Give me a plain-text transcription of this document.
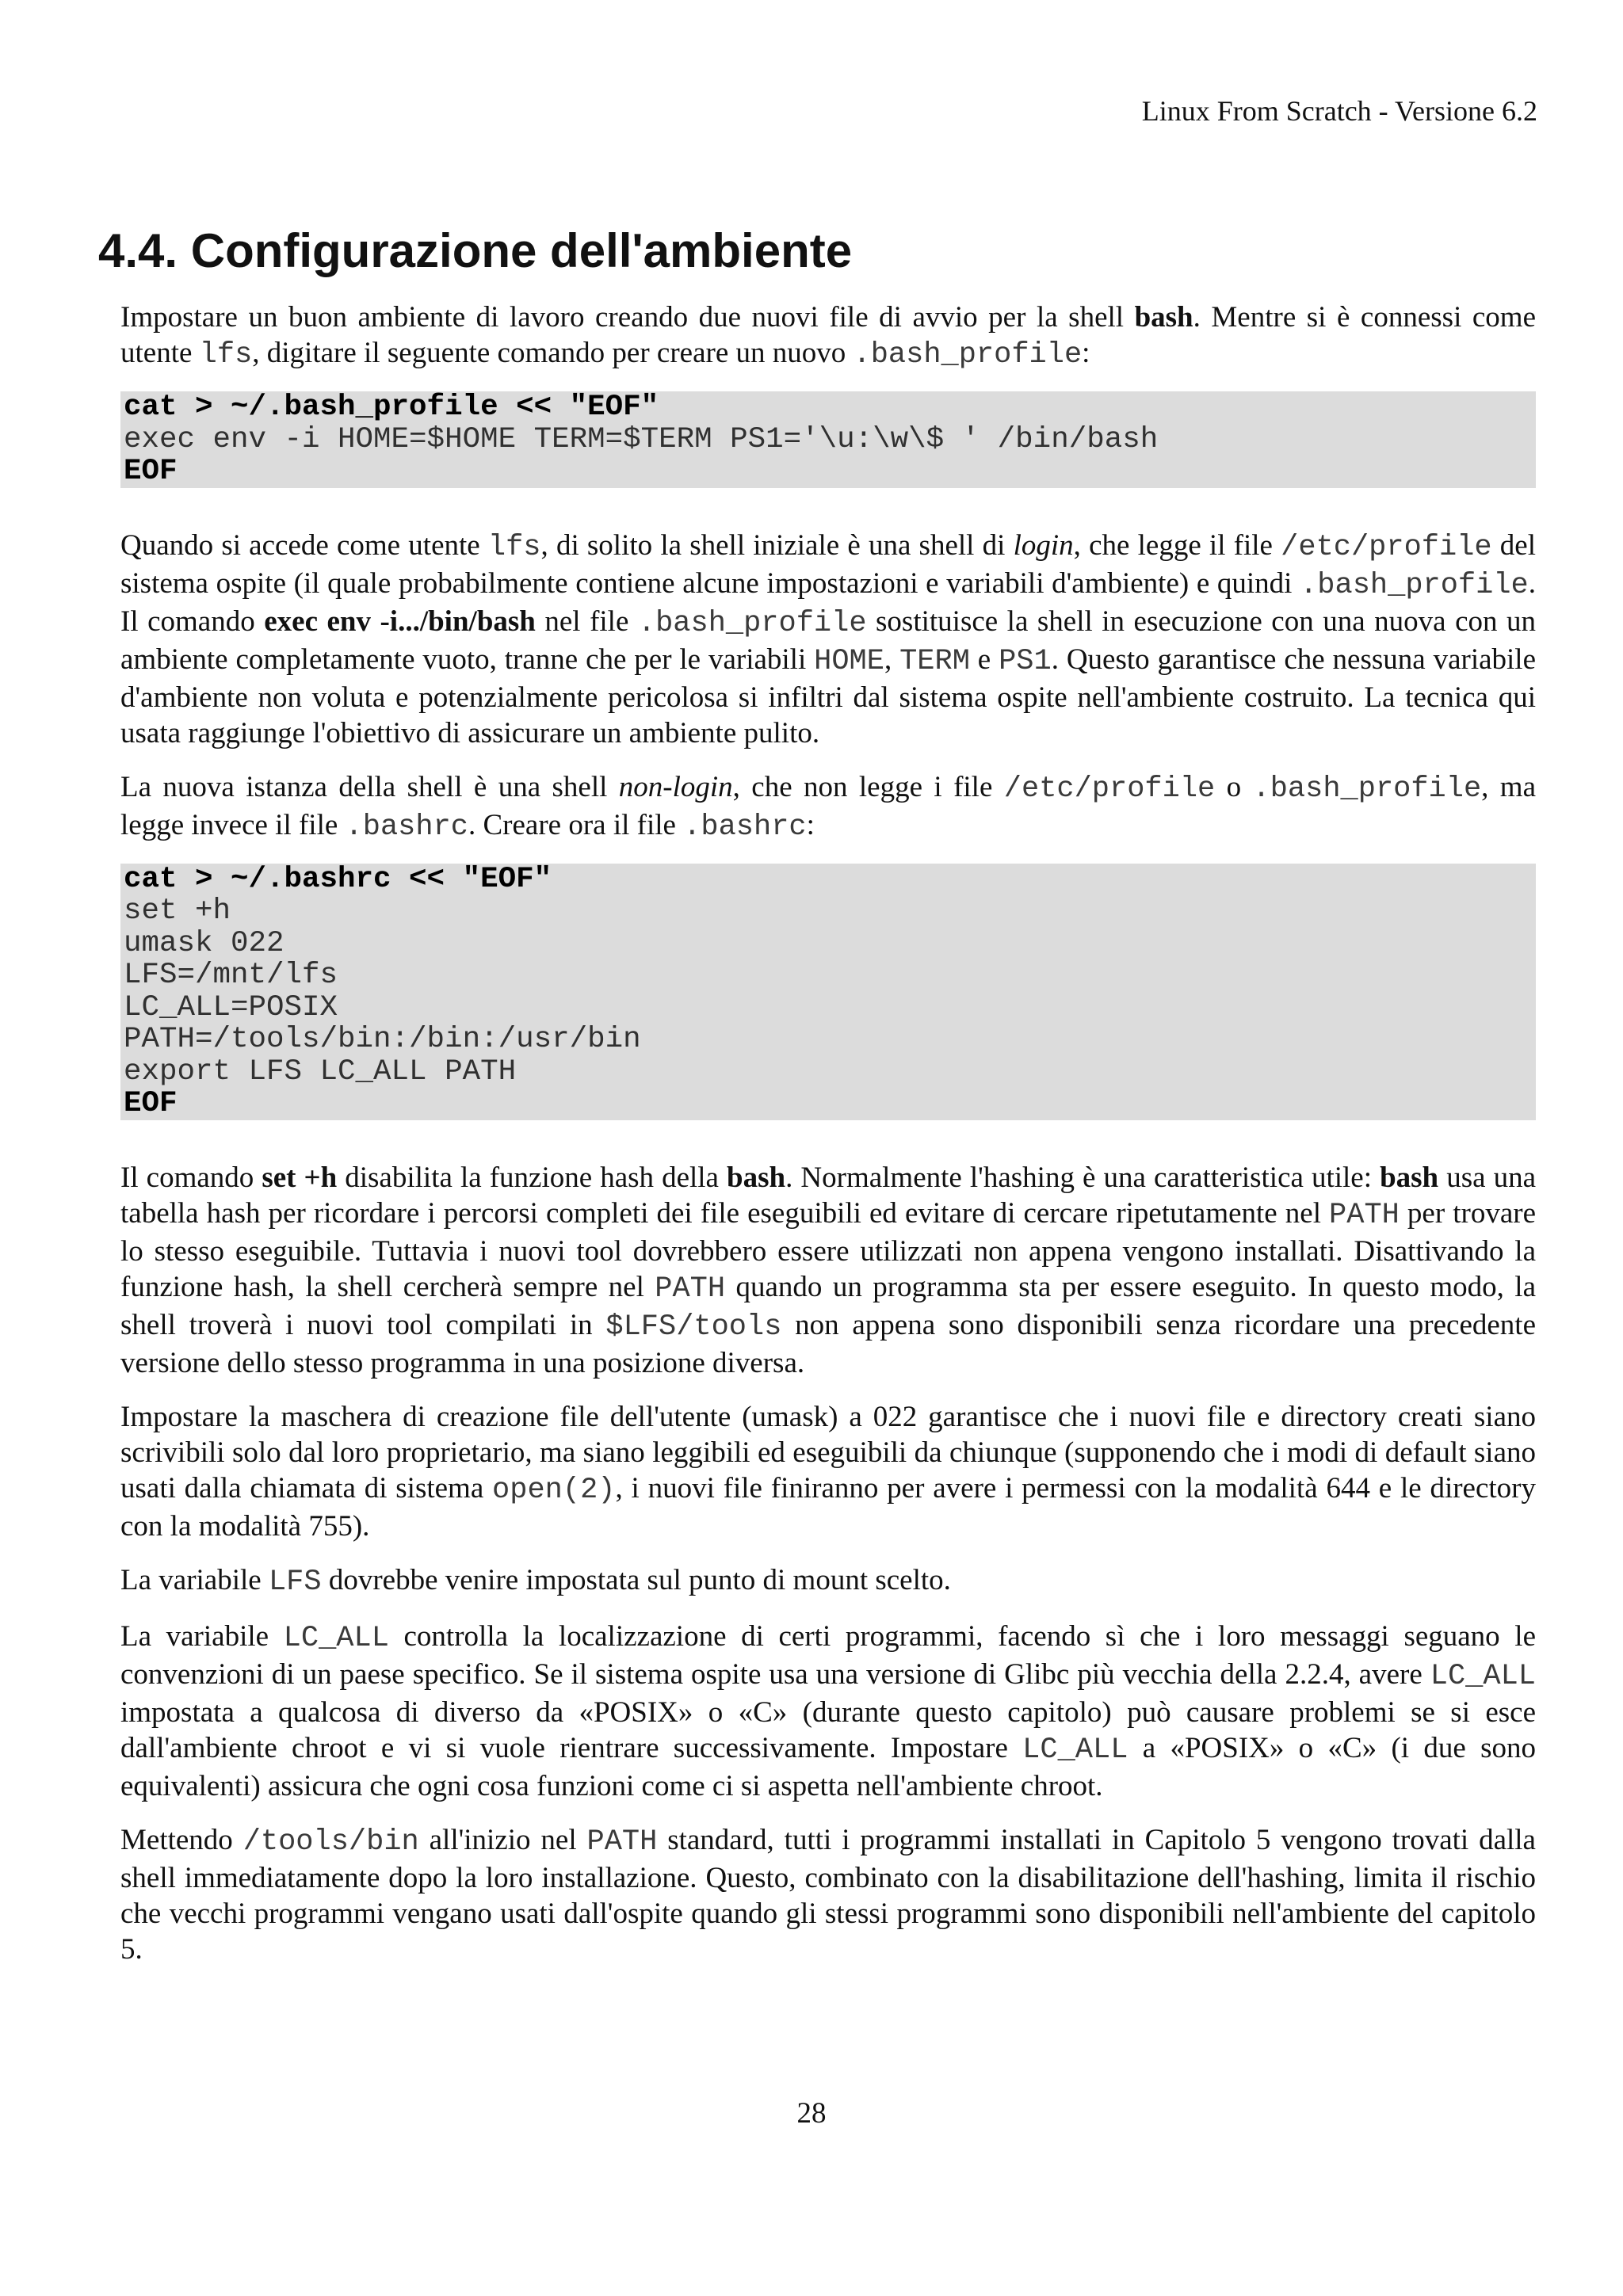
Linux From Scratch - Versione 6.2
4.4. Configurazione dell'ambiente

Impostare un buon ambiente di lavoro creando due nuovi file di avvio per la shell bash. Mentre si è connessi come utente lfs, digitare il seguente comando per creare un nuovo .bash_profile:

cat > ~/.bash_profile << "EOF"
exec env -i HOME=$HOME TERM=$TERM PS1='\u:\w\$ ' /bin/bash
EOF

Quando si accede come utente lfs, di solito la shell iniziale è una shell di login, che legge il file /etc/profile del sistema ospite (il quale probabilmente contiene alcune impostazioni e variabili d'ambiente) e quindi .bash_profile. Il comando exec env -i.../bin/bash nel file .bash_profile sostituisce la shell in esecuzione con una nuova con un ambiente completamente vuoto, tranne che per le variabili HOME, TERM e PS1. Questo garantisce che nessuna variabile d'ambiente non voluta e potenzialmente pericolosa si infiltri dal sistema ospite nell'ambiente costruito. La tecnica qui usata raggiunge l'obiettivo di assicurare un ambiente pulito.

La nuova istanza della shell è una shell non-login, che non legge i file /etc/profile o .bash_profile, ma legge invece il file .bashrc. Creare ora il file .bashrc:

cat > ~/.bashrc << "EOF"
set +h
umask 022
LFS=/mnt/lfs
LC_ALL=POSIX
PATH=/tools/bin:/bin:/usr/bin
export LFS LC_ALL PATH
EOF

Il comando set +h disabilita la funzione hash della bash. Normalmente l'hashing è una caratteristica utile: bash usa una tabella hash per ricordare i percorsi completi dei file eseguibili ed evitare di cercare ripetutamente nel PATH per trovare lo stesso eseguibile. Tuttavia i nuovi tool dovrebbero essere utilizzati non appena vengono installati. Disattivando la funzione hash, la shell cercherà sempre nel PATH quando un programma sta per essere eseguito. In questo modo, la shell troverà i nuovi tool compilati in $LFS/tools non appena sono disponibili senza ricordare una precedente versione dello stesso programma in una posizione diversa.

Impostare la maschera di creazione file dell'utente (umask) a 022 garantisce che i nuovi file e directory creati siano scrivibili solo dal loro proprietario, ma siano leggibili ed eseguibili da chiunque (supponendo che i modi di default siano usati dalla chiamata di sistema open(2), i nuovi file finiranno per avere i permessi con la modalità 644 e le directory con la modalità 755).

La variabile LFS dovrebbe venire impostata sul punto di mount scelto.

La variabile LC_ALL controlla la localizzazione di certi programmi, facendo sì che i loro messaggi seguano le convenzioni di un paese specifico. Se il sistema ospite usa una versione di Glibc più vecchia della 2.2.4, avere LC_ALL impostata a qualcosa di diverso da «POSIX» o «C» (durante questo capitolo) può causare problemi se si esce dall'ambiente chroot e vi si vuole rientrare successivamente. Impostare LC_ALL a «POSIX» o «C» (i due sono equivalenti) assicura che ogni cosa funzioni come ci si aspetta nell'ambiente chroot.

Mettendo /tools/bin all'inizio nel PATH standard, tutti i programmi installati in Capitolo 5 vengono trovati dalla shell immediatamente dopo la loro installazione. Questo, combinato con la disabilitazione dell'hashing, limita il rischio che vecchi programmi vengano usati dall'ospite quando gli stessi programmi sono disponibili nell'ambiente del capitolo 5.

28
